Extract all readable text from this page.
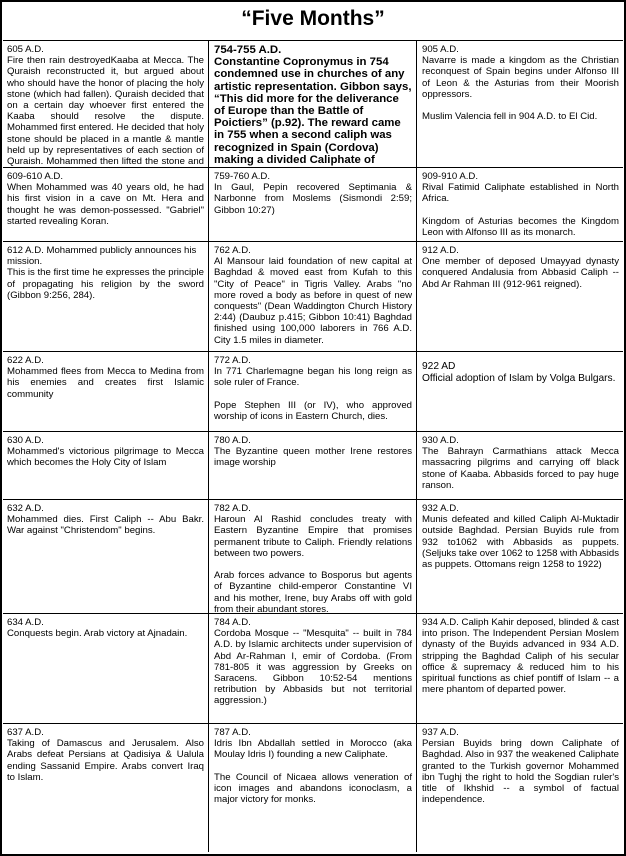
“Five Months”
605 A.D.
Fire then rain destroyedKaaba at Mecca. The Quraish reconstructed it, but argued about who should have the honor of placing the holy stone (which had fallen). Quraish decided that on a certain day whoever first entered the Kaaba should resolve the dispute. Mohammed first entered. He decided that holy stone should be placed in a mantle & mantle held up by representatives of each section of Quraish. Mohammed then lifted the stone and
754-755 A.D.
Constantine Copronymus in 754 condemned use in churches of any artistic representation. Gibbon says, “This did more for the deliverance of Europe than the Battle of Poictiers” (p.92). The reward came in 755 when a second caliph was recognized in Spain (Cordova) making a divided Caliphate of
905 A.D.
Navarre is made a kingdom as the Christian reconquest of Spain begins under Alfonso III of Leon & the Asturias from their Moorish oppressors.

Muslim Valencia fell in 904 A.D. to El Cid.
609-610 A.D.
When Mohammed was 40 years old, he had his first vision in a cave on Mt. Hera and thought he was demon-possessed. "Gabriel" started revealing Koran.
759-760 A.D.
In Gaul, Pepin recovered Septimania & Narbonne from Moslems (Sismondi 2:59; Gibbon 10:27)
909-910 A.D.
Rival Fatimid Caliphate established in North Africa.

Kingdom of Asturias becomes the Kingdom Leon with Alfonso III as its monarch.
612 A.D. Mohammed publicly announces his mission.
This is the first time he expresses the principle of propagating his religion by the sword (Gibbon 9:256, 284).
762 A.D.
Al Mansour laid foundation of new capital at Baghdad & moved east from Kufah to this "City of Peace" in Tigris Valley. Arabs "no more roved a body as before in quest of new conquests" (Dean Waddington Church History 2:44) (Daubuz p.415; Gibbon 10:41) Baghdad finished using 100,000 laborers in 766 A.D. City 1.5 miles in diameter.
912 A.D.
One member of deposed Umayyad dynasty conquered Andalusia from Abbasid Caliph -- Abd Ar Rahman III (912-961 reigned).
622 A.D.
Mohammed flees from Mecca to Medina from his enemies and creates first Islamic community
772 A.D.
In 771 Charlemagne began his long reign as sole ruler of France.

Pope Stephen III (or IV), who approved worship of icons in Eastern Church, dies.
922 AD
Official adoption of Islam by Volga Bulgars.
630 A.D.
Mohammed's victorious pilgrimage to Mecca which becomes the Holy City of Islam
780 A.D.
The Byzantine queen mother Irene restores image worship
930 A.D.
The Bahrayn Carmathians attack Mecca massacring pilgrims and carrying off black stone of Kaaba. Abbasids forced to pay huge ranson.
632 A.D.
Mohammed dies. First Caliph -- Abu Bakr. War against "Christendom" begins.
782 A.D.
Haroun Al Rashid concludes treaty with Eastern Byzantine Empire that promises permanent tribute to Caliph. Friendly relations between two powers.

Arab forces advance to Bosporus but agents of Byzantine child-emperor Constantine VI and his mother, Irene, buy Arabs off with gold from their abundant stores.
932 A.D.
Munis defeated and killed Caliph Al-Muktadir outside Baghdad. Persian Buyids rule from 932 to1062 with Abbasids as puppets. (Seljuks take over 1062 to 1258 with Abbasids as puppets. Ottomans reign 1258 to 1922)
634 A.D.
Conquests begin. Arab victory at Ajnadain.
784 A.D.
Cordoba Mosque -- "Mesquita" -- built in 784 A.D. by Islamic architects under supervision of Abd Ar-Rahman I, emir of Cordoba. (From 781-805 it was aggression by Greeks on Saracens. Gibbon 10:52-54 mentions retribution by Abbasids but not territorial aggression.)
934 A.D. Caliph Kahir deposed, blinded & cast into prison. The Independent Persian Moslem dynasty of the Buyids advanced in 934 A.D. stripping the Baghdad Caliph of his secular office & supremacy & reduced him to his spiritual functions as chief pontiff of Islam -- a mere phantom of departed power.
637 A.D.
Taking of Damascus and Jerusalem. Also Arabs defeat Persians at Qadisiya & Ualula ending Sassanid Empire. Arabs convert Iraq to Islam.
787 A.D.
Idris Ibn Abdallah settled in Morocco (aka Moulay Idris I) founding a new Caliphate.

The Council of Nicaea allows veneration of icon images and abandons iconoclasm, a major victory for monks.
937 A.D.
Persian Buyids bring down Caliphate of Baghdad. Also in 937 the weakened Caliphate granted to the Turkish governor Mohammed ibn Tughj the right to hold the Sogdian ruler's title of Ikhshid -- a symbol of factual independence.
